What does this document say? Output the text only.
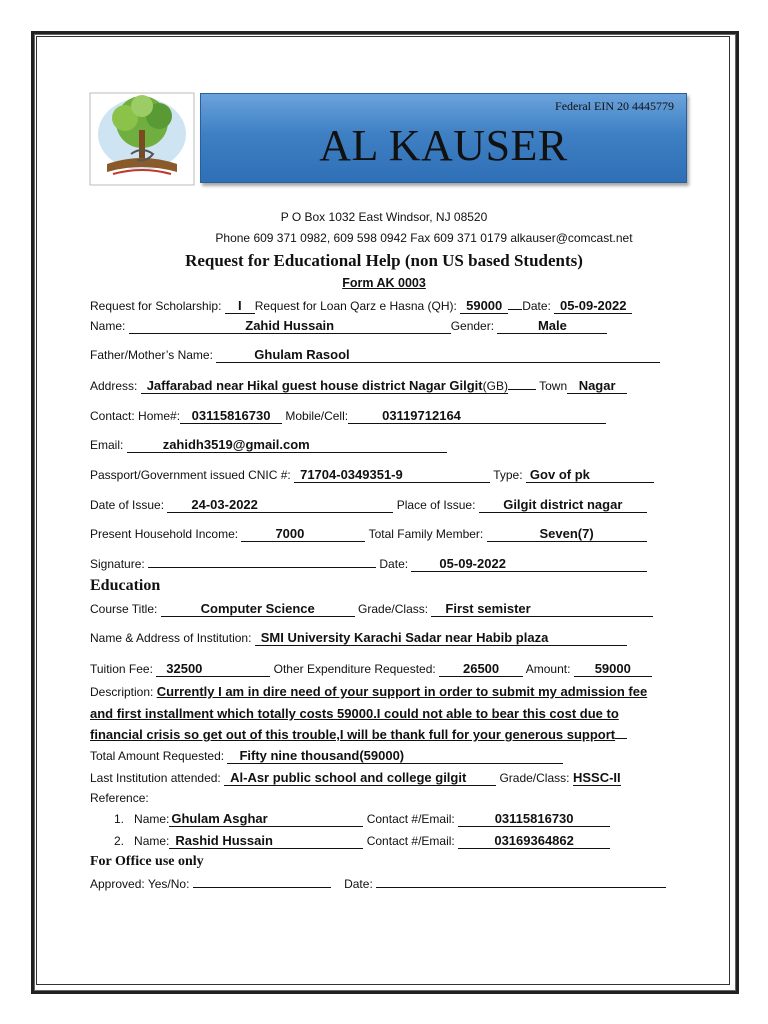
Federal EIN 20 4445779
AL KAUSER
P O Box 1032 East Windsor, NJ 08520
Phone 609 371 0982, 609 598 0942 Fax 609 371 0179 alkauser@comcast.net
Request for Educational Help (non US based Students)
Form AK 0003
Request for Scholarship: I Request for Loan Qarz e Hasna (QH): 59000 Date: 05-09-2022
Name:	Zahid Hussain	Gender:	Male
Father/Mother’s Name:	Ghulam Rasool
Address: Jaffarabad near Hikal guest house district Nagar Gilgit(GB)	Town Nagar
Contact: Home#: 03115816730 Mobile/Cell:	03119712164
Email:	zahidh3519@gmail.com
Passport/Government issued CNIC #: 71704-0349351-9	Type: Gov of pk
Date of Issue: 24-03-2022	Place of Issue: Gilgit district nagar
Present Household Income:	7000	Total Family Member:	Seven(7)
Signature:	Date: 05-09-2022
Education
Course Title:	Computer Science	Grade/Class: First semister
Name & Address of Institution: SMI University Karachi Sadar near Habib plaza
Tuition Fee: 32500	Other Expenditure Requested: 26500 Amount: 59000
Description: Currently I am in dire need of your support in order to submit my admission fee
and first installment which totally costs 59000.I could not able to bear this cost due to
financial crisis so get out of this trouble,I will be thank full for your generous support
Total Amount Requested: Fifty nine thousand(59000)
Last Institution attended: Al-Asr public school and college gilgit	Grade/Class: HSSC-II
Reference:
1. Name: Ghulam Asghar	Contact #/Email:	03115816730
2. Name: Rashid Hussain	Contact #/Email:	03169364862
For Office use only
Approved: Yes/No:	Date:
